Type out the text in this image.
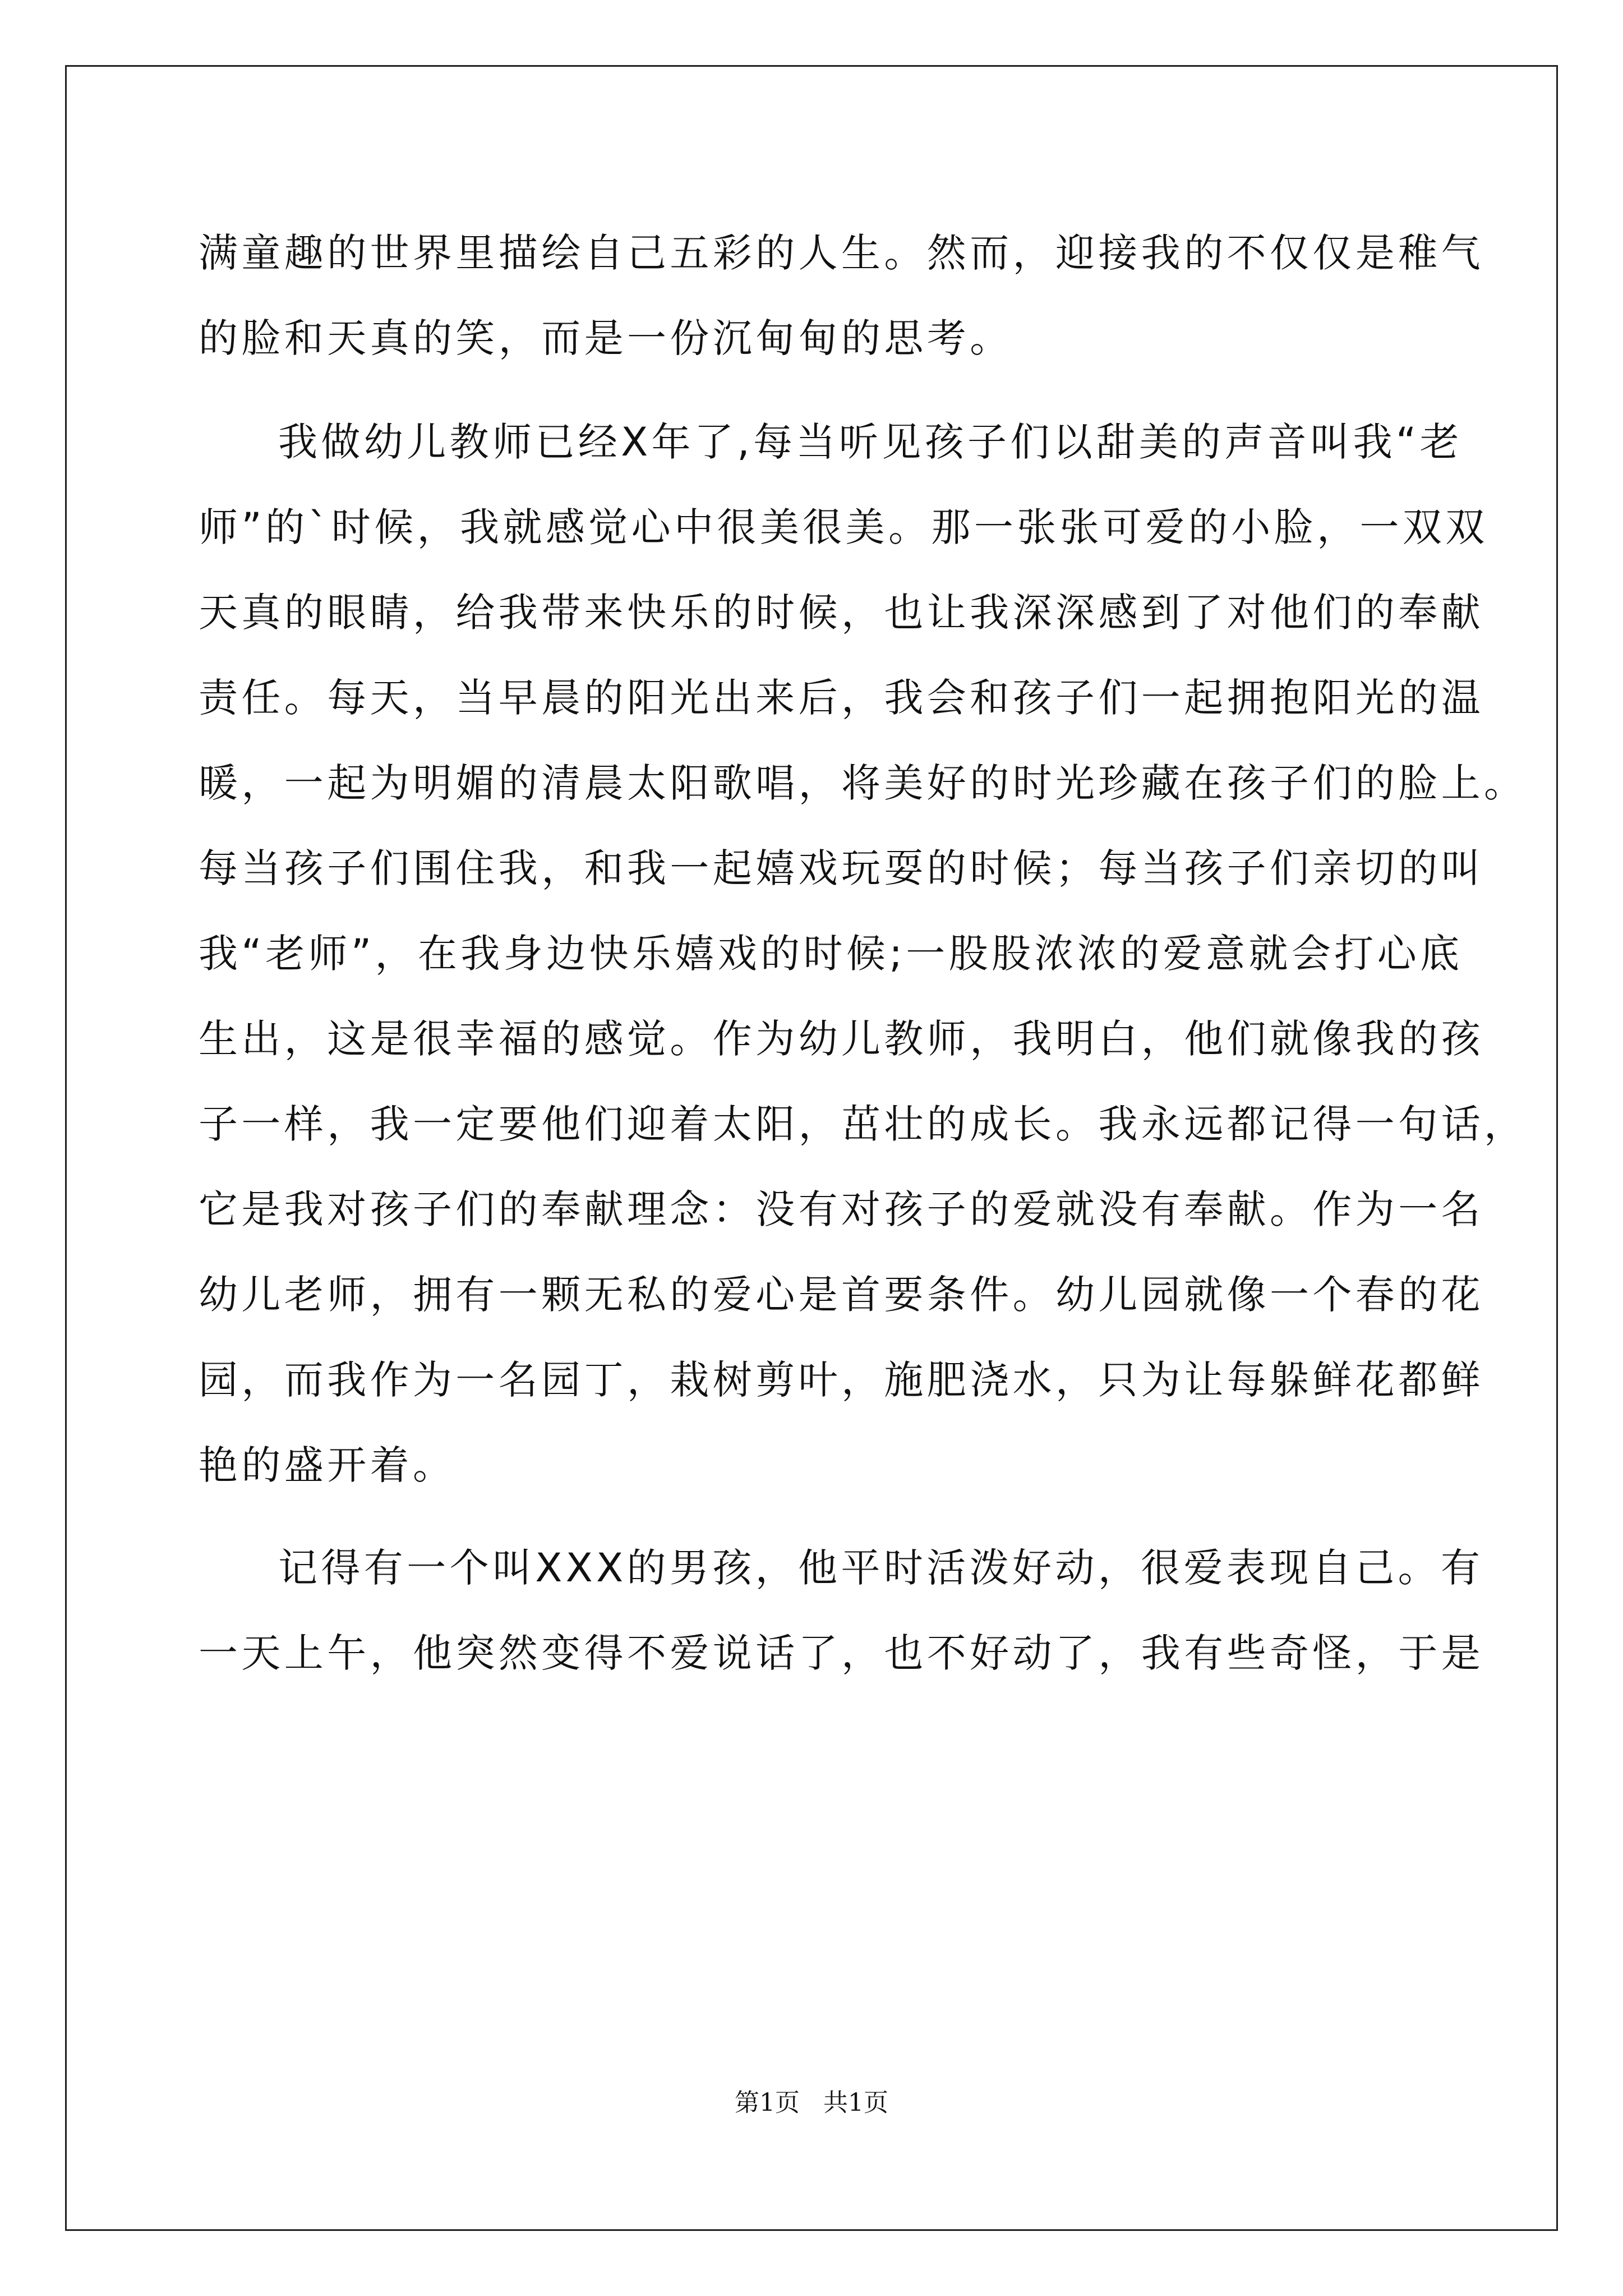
满童趣的世界里描绘自己五彩的人生。然而，迎接我的不仅仅是稚气
的脸和天真的笑，而是一份沉甸甸的思考。
我做幼儿教师已经X年了,每当听见孩子们以甜美的声音叫我“老
师”的`时候，我就感觉心中很美很美。那一张张可爱的小脸，一双双
天真的眼睛，给我带来快乐的时候，也让我深深感到了对他们的奉献
责任。每天，当早晨的阳光出来后，我会和孩子们一起拥抱阳光的温
暖，一起为明媚的清晨太阳歌唱，将美好的时光珍藏在孩子们的脸上。
每当孩子们围住我，和我一起嬉戏玩耍的时候；每当孩子们亲切的叫
我“老师”，在我身边快乐嬉戏的时候;一股股浓浓的爱意就会打心底
生出，这是很幸福的感觉。作为幼儿教师，我明白，他们就像我的孩
子一样，我一定要他们迎着太阳，茁壮的成长。我永远都记得一句话，
它是我对孩子们的奉献理念：没有对孩子的爱就没有奉献。作为一名
幼儿老师，拥有一颗无私的爱心是首要条件。幼儿园就像一个春的花
园，而我作为一名园丁，栽树剪叶，施肥浇水，只为让每躲鲜花都鲜
艳的盛开着。
记得有一个叫XXX的男孩，他平时活泼好动，很爱表现自己。有
一天上午，他突然变得不爱说话了，也不好动了，我有些奇怪，于是
第1页   共1页
